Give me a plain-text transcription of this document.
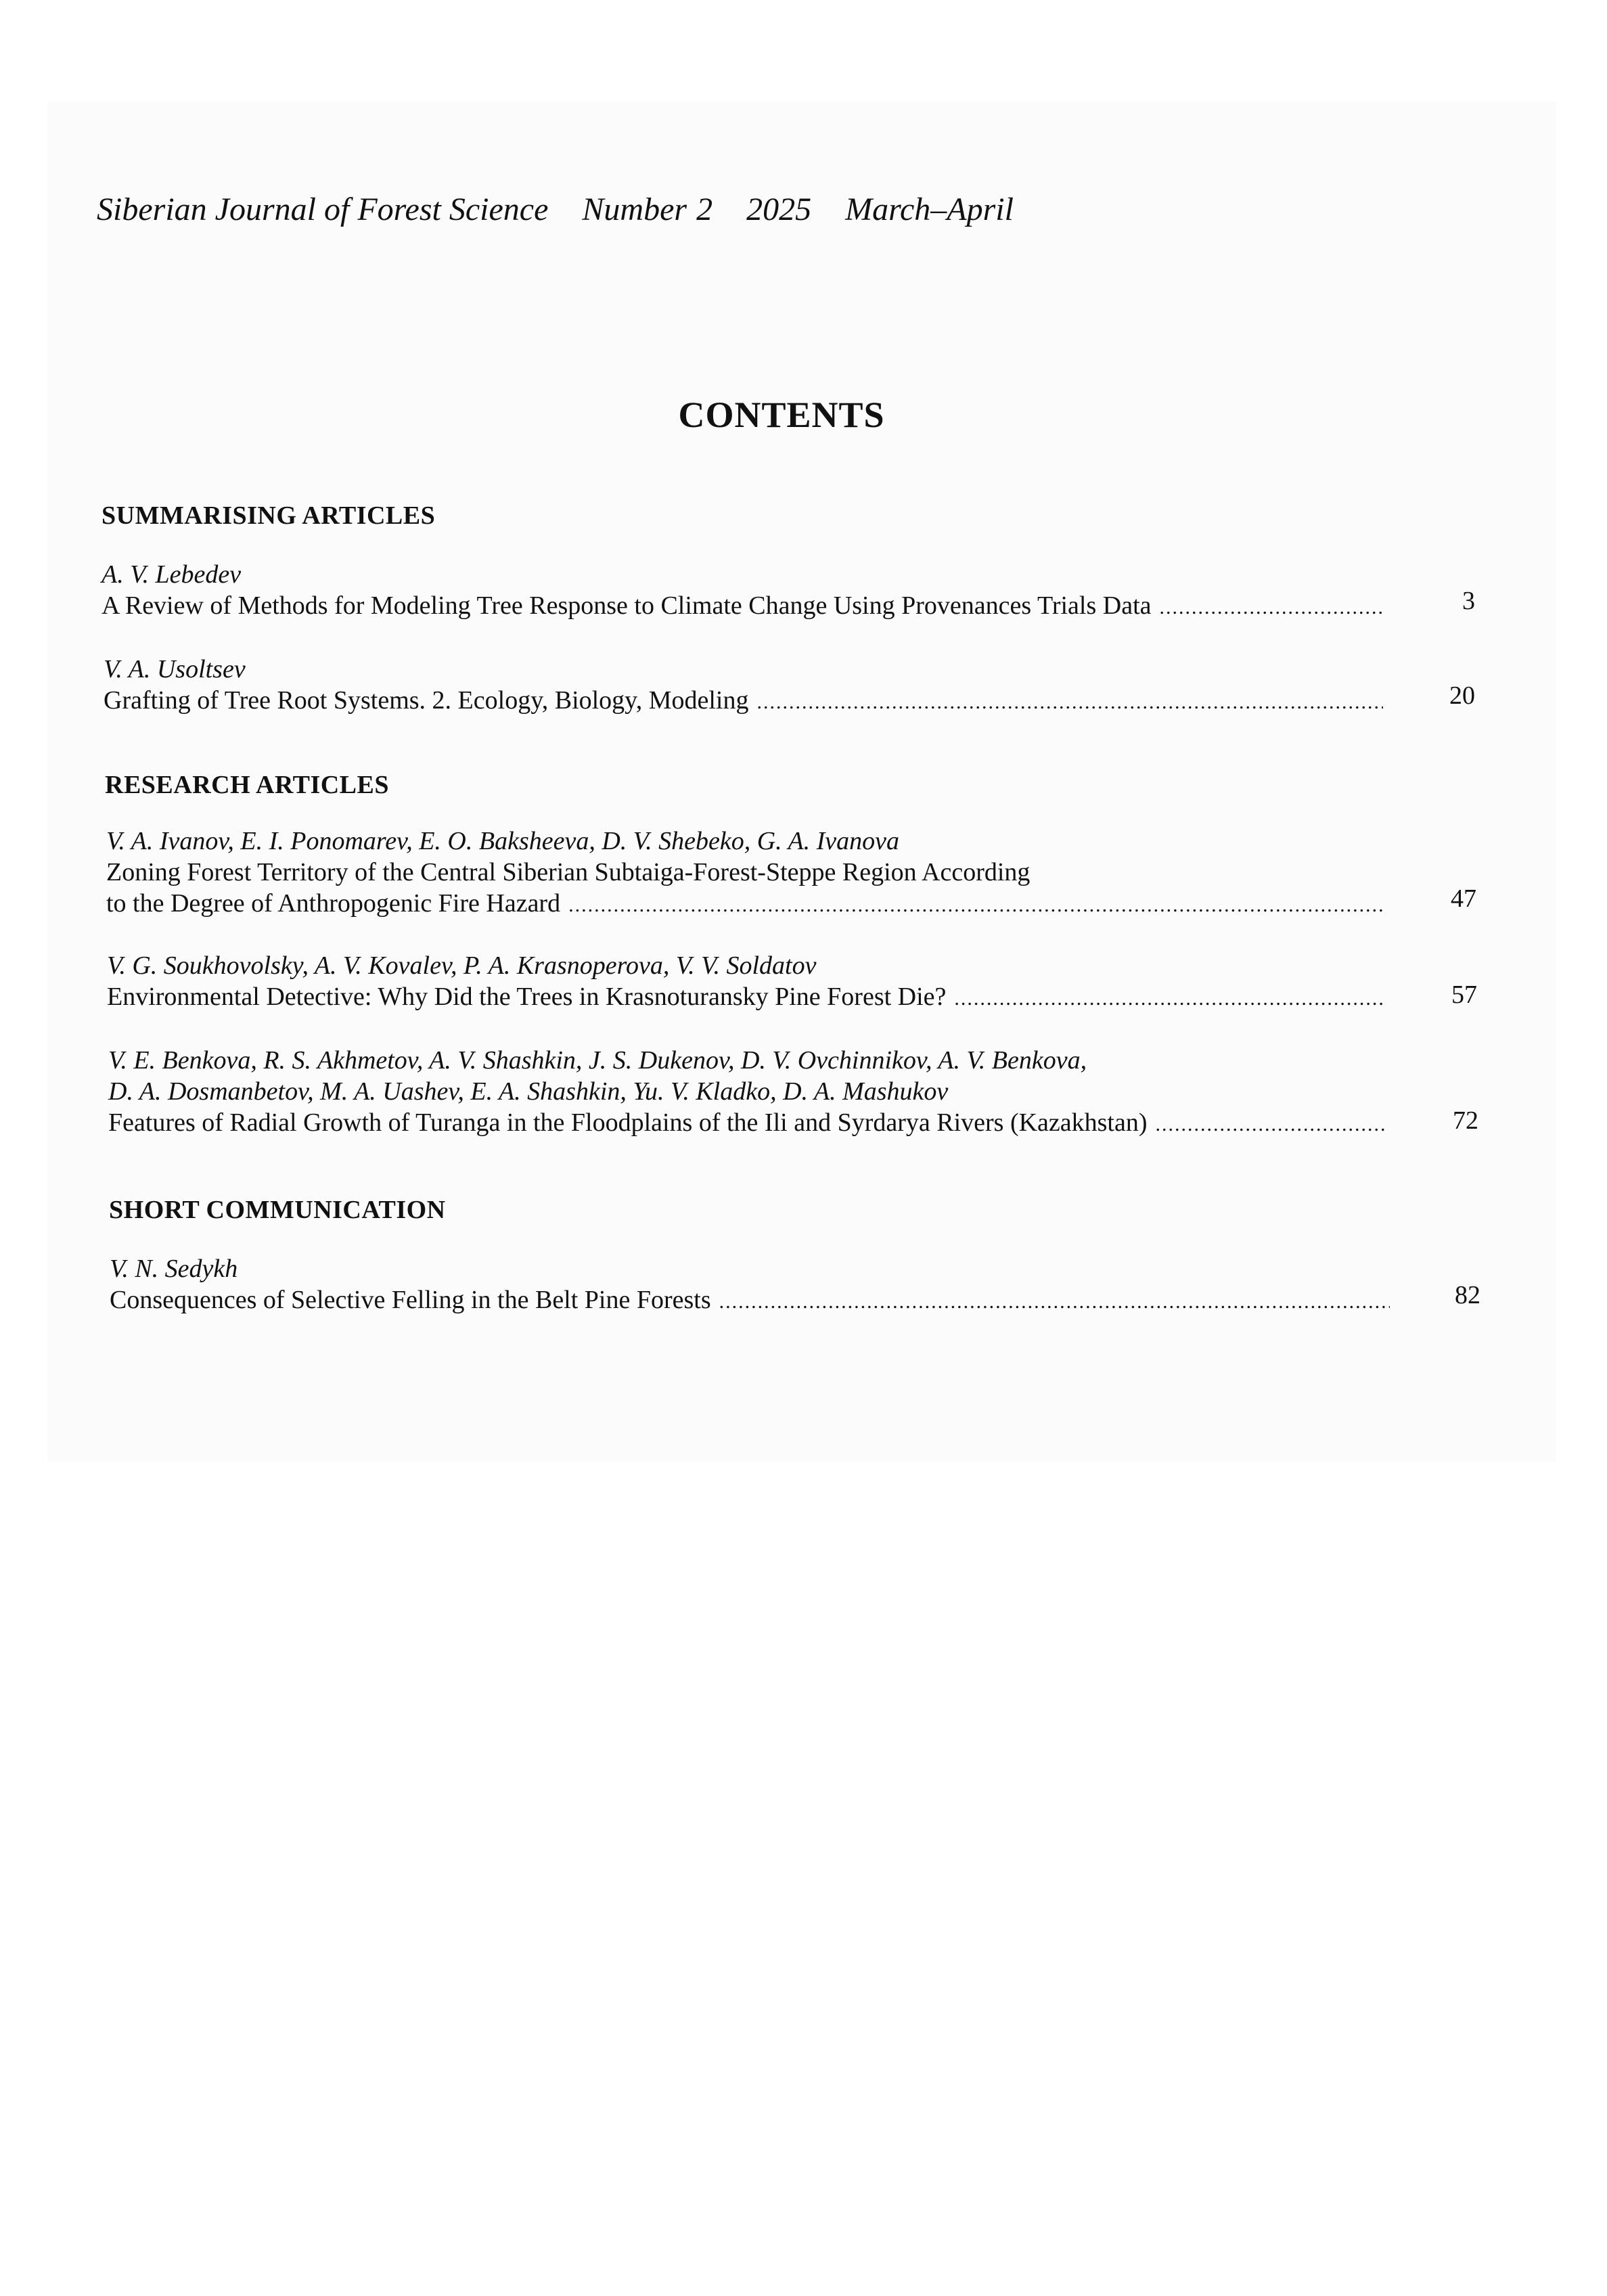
Siberian Journal of Forest Science Number 2 2025 March–April
CONTENTS
SUMMARISING ARTICLES
A. V. Lebedev
A Review of Methods for Modeling Tree Response to Climate Change Using Provenances Trials Data .....	3
V. A. Usoltsev
Grafting of Tree Root Systems. 2. Ecology, Biology, Modeling .....	20
RESEARCH ARTICLES
V. A. Ivanov, E. I. Ponomarev, E. O. Baksheeva, D. V. Shebeko, G. A. Ivanova
Zoning Forest Territory of the Central Siberian Subtaiga-Forest-Steppe Region According
to the Degree of Anthropogenic Fire Hazard .....	47
V. G. Soukhovolsky, A. V. Kovalev, P. A. Krasnoperova, V. V. Soldatov
Environmental Detective: Why Did the Trees in Krasnoturansky Pine Forest Die? .....	57
V. E. Benkova, R. S. Akhmetov, A. V. Shashkin, J. S. Dukenov, D. V. Ovchinnikov, A. V. Benkova,
D. A. Dosmanbetov, M. A. Uashev, E. A. Shashkin, Yu. V. Kladko, D. A. Mashukov
Features of Radial Growth of Turanga in the Floodplains of the Ili and Syrdarya Rivers (Kazakhstan) .....	72
SHORT COMMUNICATION
V. N. Sedykh
Consequences of Selective Felling in the Belt Pine Forests .....	82
